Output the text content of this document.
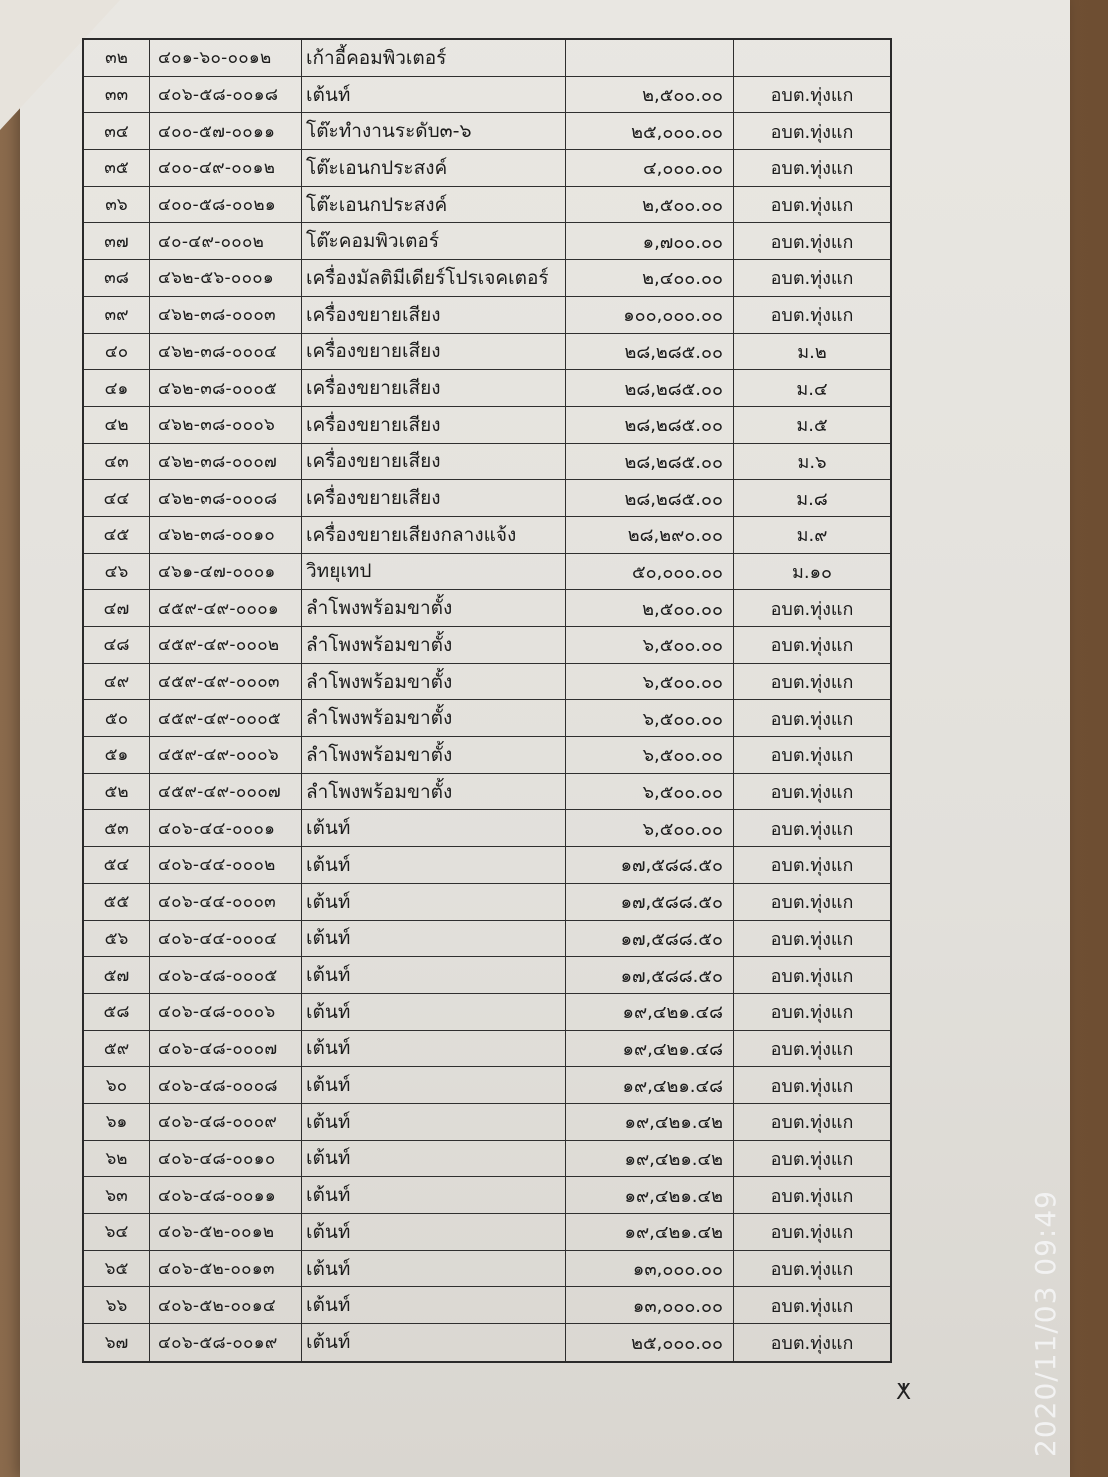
๓๒	๔๐๑-๖๐-๐๐๑๒	เก้าอี้คอมพิวเตอร์
๓๓	๔๐๖-๕๘-๐๐๑๘	เต้นท์	๒,๕๐๐.๐๐	อบต.ทุ่งแก
๓๔	๔๐๐-๕๗-๐๐๑๑	โต๊ะทำงานระดับ๓-๖	๒๕,๐๐๐.๐๐	อบต.ทุ่งแก
๓๕	๔๐๐-๔๙-๐๐๑๒	โต๊ะเอนกประสงค์	๔,๐๐๐.๐๐	อบต.ทุ่งแก
๓๖	๔๐๐-๕๘-๐๐๒๑	โต๊ะเอนกประสงค์	๒,๕๐๐.๐๐	อบต.ทุ่งแก
๓๗	๔๐-๔๙-๐๐๐๒	โต๊ะคอมพิวเตอร์	๑,๗๐๐.๐๐	อบต.ทุ่งแก
๓๘	๔๖๒-๕๖-๐๐๐๑	เครื่องมัลติมีเดียร์โปรเจคเตอร์	๒,๔๐๐.๐๐	อบต.ทุ่งแก
๓๙	๔๖๒-๓๘-๐๐๐๓	เครื่องขยายเสียง	๑๐๐,๐๐๐.๐๐	อบต.ทุ่งแก
๔๐	๔๖๒-๓๘-๐๐๐๔	เครื่องขยายเสียง	๒๘,๒๘๕.๐๐	ม.๒
๔๑	๔๖๒-๓๘-๐๐๐๕	เครื่องขยายเสียง	๒๘,๒๘๕.๐๐	ม.๔
๔๒	๔๖๒-๓๘-๐๐๐๖	เครื่องขยายเสียง	๒๘,๒๘๕.๐๐	ม.๕
๔๓	๔๖๒-๓๘-๐๐๐๗	เครื่องขยายเสียง	๒๘,๒๘๕.๐๐	ม.๖
๔๔	๔๖๒-๓๘-๐๐๐๘	เครื่องขยายเสียง	๒๘,๒๘๕.๐๐	ม.๘
๔๕	๔๖๒-๓๘-๐๐๑๐	เครื่องขยายเสียงกลางแจ้ง	๒๘,๒๙๐.๐๐	ม.๙
๔๖	๔๖๑-๔๗-๐๐๐๑	วิทยุเทป	๕๐,๐๐๐.๐๐	ม.๑๐
๔๗	๔๕๙-๔๙-๐๐๐๑	ลำโพงพร้อมขาตั้ง	๒,๕๐๐.๐๐	อบต.ทุ่งแก
๔๘	๔๕๙-๔๙-๐๐๐๒	ลำโพงพร้อมขาตั้ง	๖,๕๐๐.๐๐	อบต.ทุ่งแก
๔๙	๔๕๙-๔๙-๐๐๐๓	ลำโพงพร้อมขาตั้ง	๖,๕๐๐.๐๐	อบต.ทุ่งแก
๕๐	๔๕๙-๔๙-๐๐๐๕	ลำโพงพร้อมขาตั้ง	๖,๕๐๐.๐๐	อบต.ทุ่งแก
๕๑	๔๕๙-๔๙-๐๐๐๖	ลำโพงพร้อมขาตั้ง	๖,๕๐๐.๐๐	อบต.ทุ่งแก
๕๒	๔๕๙-๔๙-๐๐๐๗	ลำโพงพร้อมขาตั้ง	๖,๕๐๐.๐๐	อบต.ทุ่งแก
๕๓	๔๐๖-๔๔-๐๐๐๑	เต้นท์	๖,๕๐๐.๐๐	อบต.ทุ่งแก
๕๔	๔๐๖-๔๔-๐๐๐๒	เต้นท์	๑๗,๕๘๘.๕๐	อบต.ทุ่งแก
๕๕	๔๐๖-๔๔-๐๐๐๓	เต้นท์	๑๗,๕๘๘.๕๐	อบต.ทุ่งแก
๕๖	๔๐๖-๔๔-๐๐๐๔	เต้นท์	๑๗,๕๘๘.๕๐	อบต.ทุ่งแก
๕๗	๔๐๖-๔๘-๐๐๐๕	เต้นท์	๑๗,๕๘๘.๕๐	อบต.ทุ่งแก
๕๘	๔๐๖-๔๘-๐๐๐๖	เต้นท์	๑๙,๔๒๑.๔๘	อบต.ทุ่งแก
๕๙	๔๐๖-๔๘-๐๐๐๗	เต้นท์	๑๙,๔๒๑.๔๘	อบต.ทุ่งแก
๖๐	๔๐๖-๔๘-๐๐๐๘	เต้นท์	๑๙,๔๒๑.๔๘	อบต.ทุ่งแก
๖๑	๔๐๖-๔๘-๐๐๐๙	เต้นท์	๑๙,๔๒๑.๔๒	อบต.ทุ่งแก
๖๒	๔๐๖-๔๘-๐๐๑๐	เต้นท์	๑๙,๔๒๑.๔๒	อบต.ทุ่งแก
๖๓	๔๐๖-๔๘-๐๐๑๑	เต้นท์	๑๙,๔๒๑.๔๒	อบต.ทุ่งแก
๖๔	๔๐๖-๕๒-๐๐๑๒	เต้นท์	๑๙,๔๒๑.๔๒	อบต.ทุ่งแก
๖๕	๔๐๖-๕๒-๐๐๑๓	เต้นท์	๑๓,๐๐๐.๐๐	อบต.ทุ่งแก
๖๖	๔๐๖-๕๒-๐๐๑๔	เต้นท์	๑๓,๐๐๐.๐๐	อบต.ทุ่งแก
๖๗	๔๐๖-๕๘-๐๐๑๙	เต้นท์	๒๕,๐๐๐.๐๐	อบต.ทุ่งแก
ⵅ	2020/11/03 09:49
